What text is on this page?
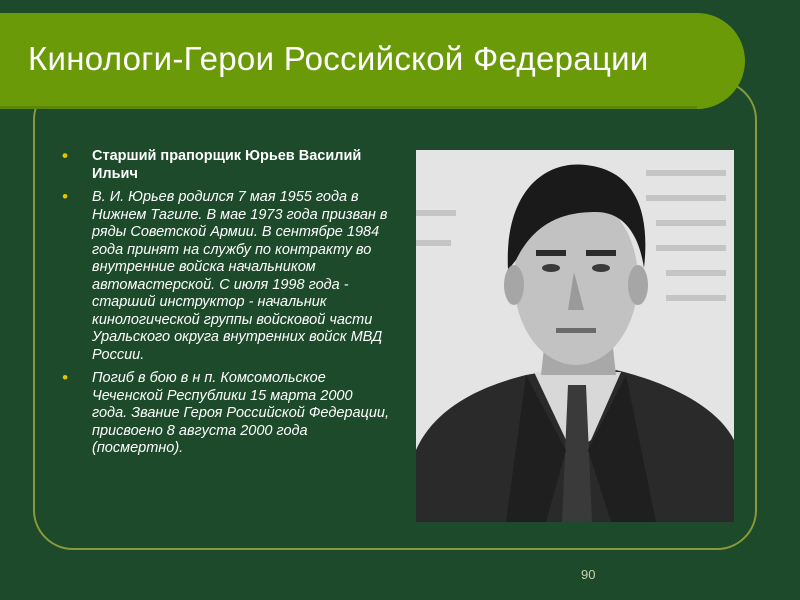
Кинологи-Герои Российской Федерации
• Старший прапорщик Юрьев Василий Ильич
• В. И. Юрьев родился 7 мая 1955 года в Нижнем Тагиле. В мае 1973 года призван в ряды Советской Армии. В сентябре 1984 года принят на службу по контракту во внутренние войска начальником автомастерской. С июля 1998 года - старший инструктор - начальник кинологической группы войсковой части Уральского округа внутренних войск МВД России.
• Погиб в бою в н п. Комсомольское Чеченской Республики 15 марта 2000 года. Звание Героя Российской Федерации, присвоено 8 августа 2000 года (посмертно).
90
